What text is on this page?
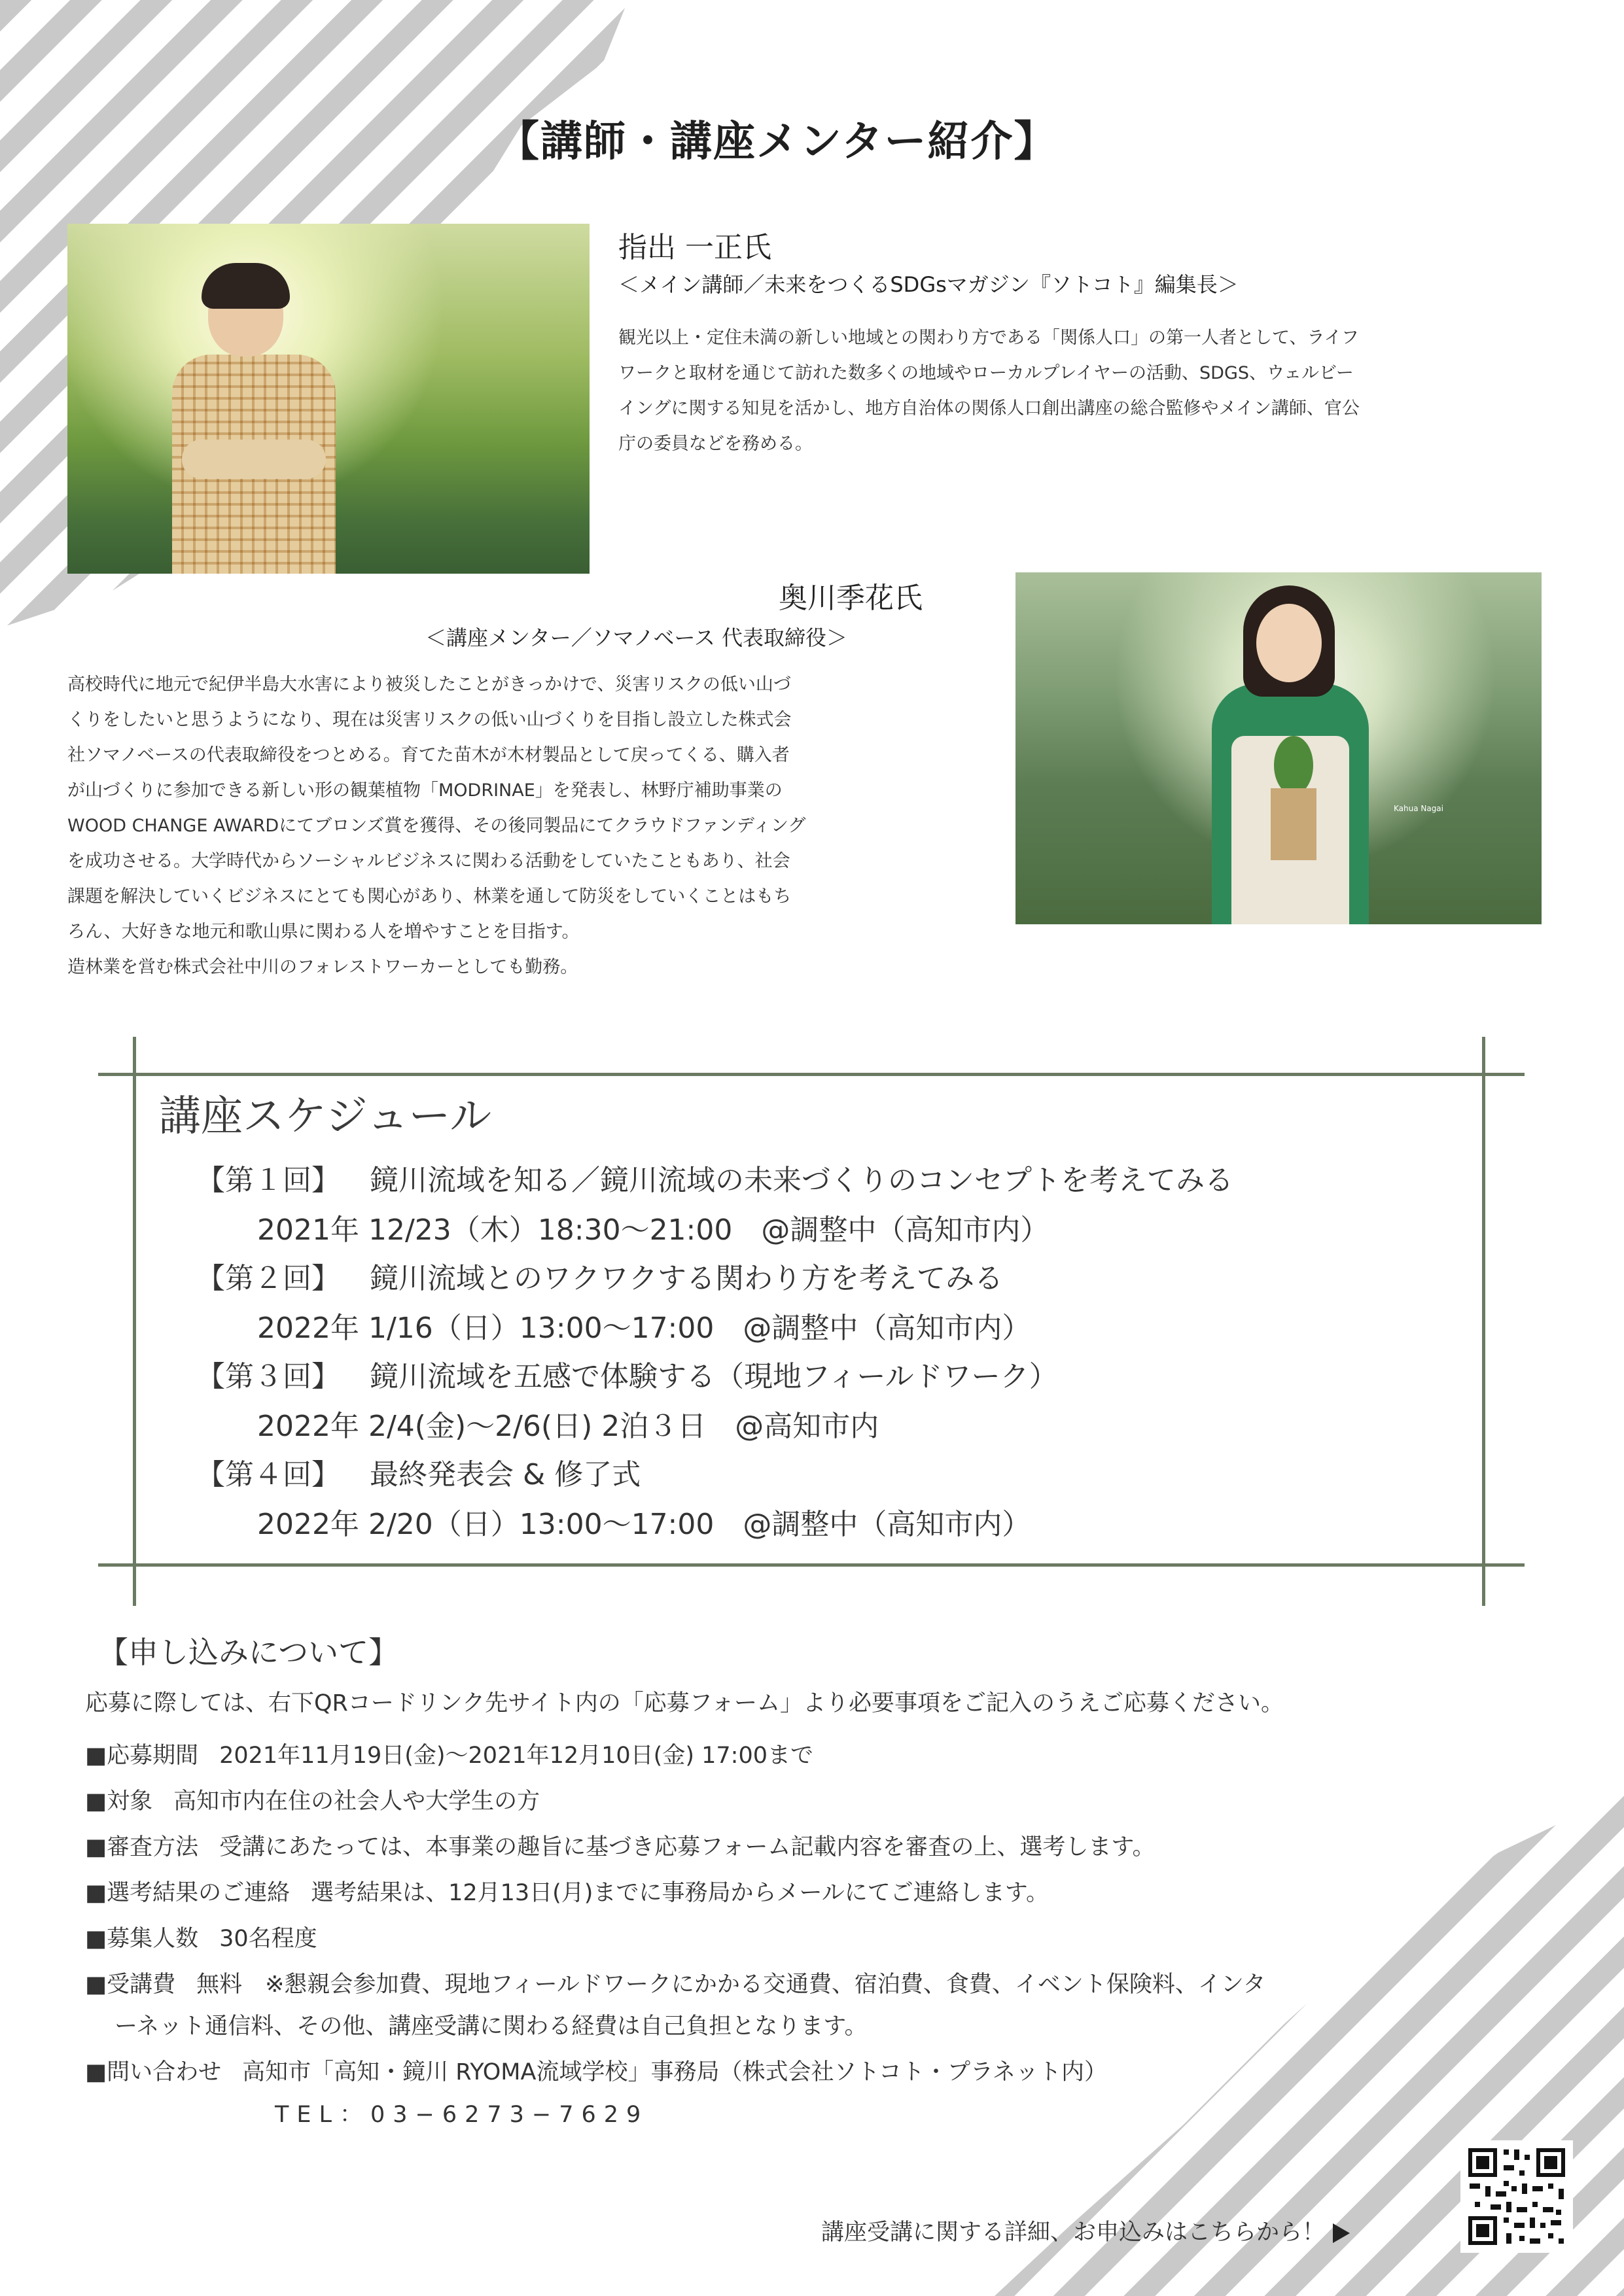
【講師・講座メンター紹介】
指出 一正氏
＜メイン講師／未来をつくるSDGsマガジン『ソトコト』編集長＞
観光以上・定住未満の新しい地域との関わり方である「関係人口」の第一人者として、ライフ
ワークと取材を通じて訪れた数多くの地域やローカルプレイヤーの活動、SDGS、ウェルビー
イングに関する知見を活かし、地方自治体の関係人口創出講座の総合監修やメイン講師、官公
庁の委員などを務める。
奥川季花氏
＜講座メンター／ソマノベース 代表取締役＞
高校時代に地元で紀伊半島大水害により被災したことがきっかけで、災害リスクの低い山づ
くりをしたいと思うようになり、現在は災害リスクの低い山づくりを目指し設立した株式会
社ソマノベースの代表取締役をつとめる。育てた苗木が木材製品として戻ってくる、購入者
が山づくりに参加できる新しい形の観葉植物「MODRINAE」を発表し、林野庁補助事業の
WOOD CHANGE AWARDにてブロンズ賞を獲得、その後同製品にてクラウドファンディング
を成功させる。大学時代からソーシャルビジネスに関わる活動をしていたこともあり、社会
課題を解決していくビジネスにとても関心があり、林業を通して防災をしていくことはもち
ろん、大好きな地元和歌山県に関わる人を増やすことを目指す。
造林業を営む株式会社中川のフォレストワーカーとしても勤務。
Kahua Nagai
講座スケジュール
【第１回】 鏡川流域を知る／鏡川流域の未来づくりのコンセプトを考えてみる
2021年 12/23（木）18:30〜21:00　@調整中（高知市内）
【第２回】 鏡川流域とのワクワクする関わり方を考えてみる
2022年 1/16（日）13:00〜17:00　@調整中（高知市内）
【第３回】 鏡川流域を五感で体験する（現地フィールドワーク）
2022年 2/4(金)〜2/6(日) 2泊３日　@高知市内
【第４回】 最終発表会 & 修了式
2022年 2/20（日）13:00〜17:00　@調整中（高知市内）
【申し込みについて】
応募に際しては、右下QRコードリンク先サイト内の「応募フォーム」より必要事項をご記入のうえご応募ください。
■応募期間 2021年11月19日(金)〜2021年12月10日(金) 17:00まで
■対象 高知市内在住の社会人や大学生の方
■審査方法 受講にあたっては、本事業の趣旨に基づき応募フォーム記載内容を審査の上、選考します。
■選考結果のご連絡 選考結果は、12月13日(月)までに事務局からメールにてご連絡します。
■募集人数 30名程度
■受講費 無料　※懇親会参加費、現地フィールドワークにかかる交通費、宿泊費、食費、イベント保険料、インタ
ーネット通信料、その他、講座受講に関わる経費は自己負担となります。
■問い合わせ 高知市「高知・鏡川 RYOMA流域学校」事務局（株式会社ソトコト・プラネット内）
TEL：03−6273−7629
講座受講に関する詳細、お申込みはこちらから！
